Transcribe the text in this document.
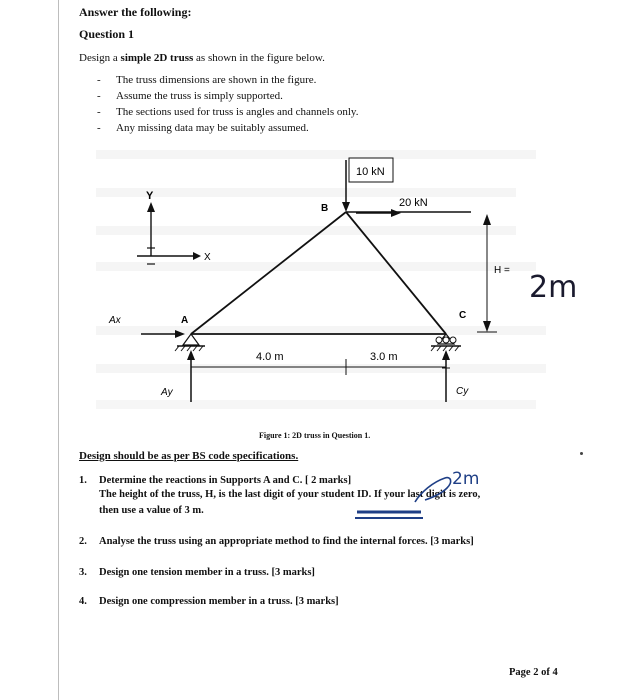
Answer the following:
Question 1
Design a simple 2D truss as shown in the figure below.
-	The truss dimensions are shown in the figure.
-	Assume the truss is simply supported.
-	The sections used for truss is angles and channels only.
-	Any missing data may be suitably assumed.
10 kN
20 kN
B
Y
X
A
Ax
Ay
4.0 m	3.0 m
C
Cy
H = 2m
Figure 1: 2D truss in Question 1.
Design should be as per BS code specifications.
1. Determine the reactions in Supports A and C. [ 2 marks]
The height of the truss, H, is the last digit of your student ID. If your last digit is zero,
then use a value of 3 m.
2. Analyse the truss using an appropriate method to find the internal forces. [3 marks]
3. Design one tension member in a truss. [3 marks]
4. Design one compression member in a truss. [3 marks]
2m
Page 2 of 4
